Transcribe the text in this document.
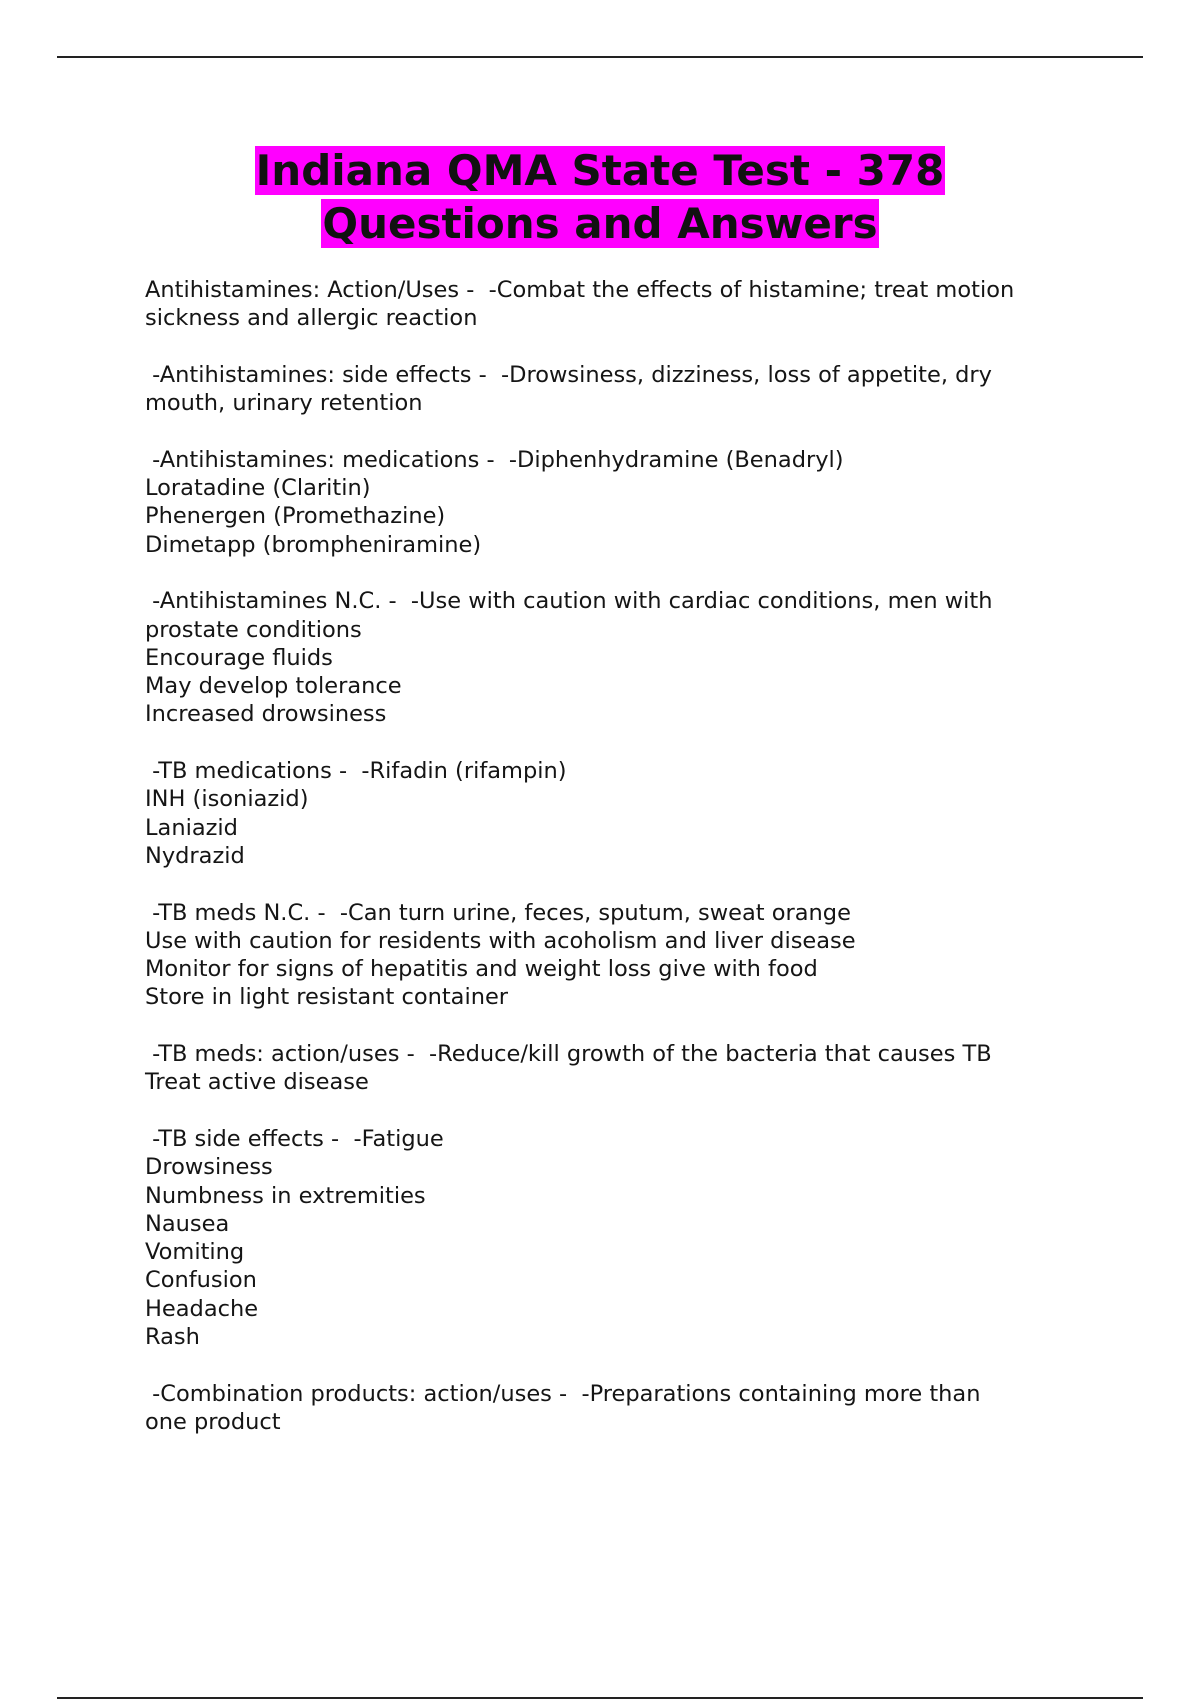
Indiana QMA State Test - 378
Questions and Answers

Antihistamines: Action/Uses -  -Combat the effects of histamine; treat motion
sickness and allergic reaction

-Antihistamines: side effects -  -Drowsiness, dizziness, loss of appetite, dry
mouth, urinary retention

-Antihistamines: medications -  -Diphenhydramine (Benadryl)
Loratadine (Claritin)
Phenergen (Promethazine)
Dimetapp (brompheniramine)

-Antihistamines N.C. -  -Use with caution with cardiac conditions, men with
prostate conditions
Encourage fluids
May develop tolerance
Increased drowsiness

-TB medications -  -Rifadin (rifampin)
INH (isoniazid)
Laniazid
Nydrazid

-TB meds N.C. -  -Can turn urine, feces, sputum, sweat orange
Use with caution for residents with acoholism and liver disease
Monitor for signs of hepatitis and weight loss give with food
Store in light resistant container

-TB meds: action/uses -  -Reduce/kill growth of the bacteria that causes TB
Treat active disease

-TB side effects -  -Fatigue
Drowsiness
Numbness in extremities
Nausea
Vomiting
Confusion
Headache
Rash

-Combination products: action/uses -  -Preparations containing more than
one product
